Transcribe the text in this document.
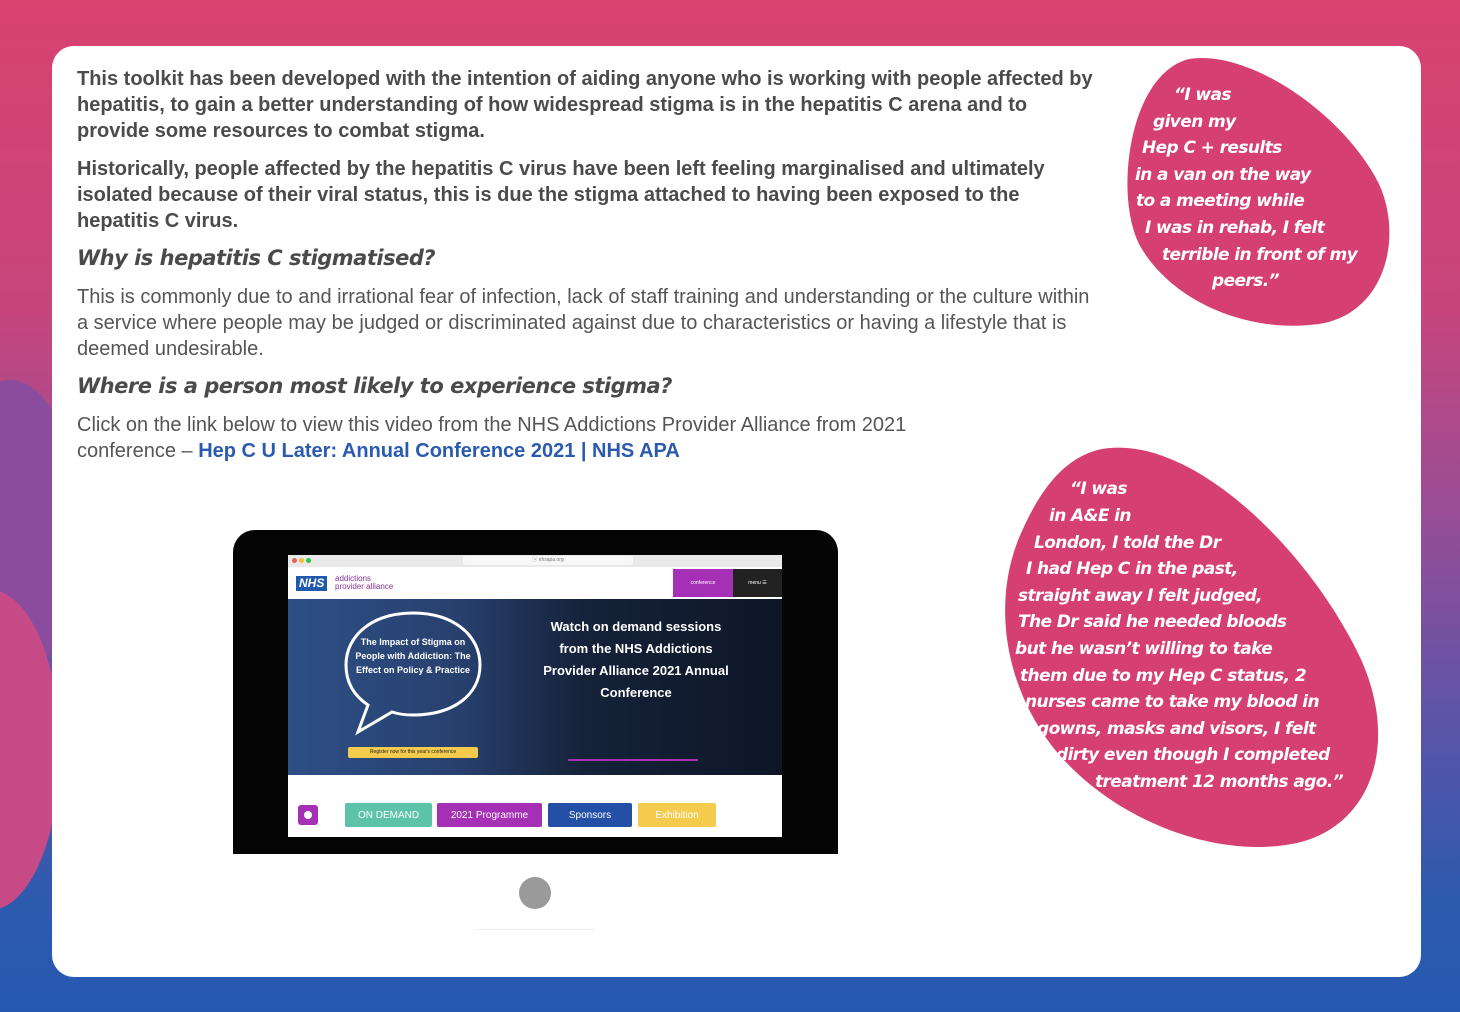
This toolkit has been developed with the intention of aiding anyone who is working with people affected by hepatitis, to gain a better understanding of how widespread stigma is in the hepatitis C arena and to provide some resources to combat stigma.

Historically, people affected by the hepatitis C virus have been left feeling marginalised and ultimately isolated because of their viral status, this is due the stigma attached to having been exposed to the hepatitis C virus.

Why is hepatitis C stigmatised?

This is commonly due to and irrational fear of infection, lack of staff training and understanding or the culture within a service where people may be judged or discriminated against due to characteristics or having a lifestyle that is deemed undesirable.

Where is a person most likely to experience stigma?

Click on the link below to view this video from the NHS Addictions Provider Alliance from 2021 conference – Hep C U Later: Annual Conference 2021 | NHS APA

“I was
given my
Hep C + results
in a van on the way
to a meeting while
I was in rehab, I felt
terrible in front of my
peers.”
“I was
in A&E in
London, I told the Dr
I had Hep C in the past,
straight away I felt judged,
The Dr said he needed bloods
but he wasn’t willing to take
them due to my Hep C status, 2
nurses came to take my blood in
gowns, masks and visors, I felt
dirty even though I completed
treatment 12 months ago.”
ⓐ nhsapa.org
NHS	addictions
provider alliance	conference	menu ☰
The Impact of Stigma on People with Addiction: The Effect on Policy & Practice
Register now for this year's conference
Watch on demand sessions from the NHS Addictions Provider Alliance 2021 Annual Conference
ON DEMAND	2021 Programme	Sponsors	Exhibition
